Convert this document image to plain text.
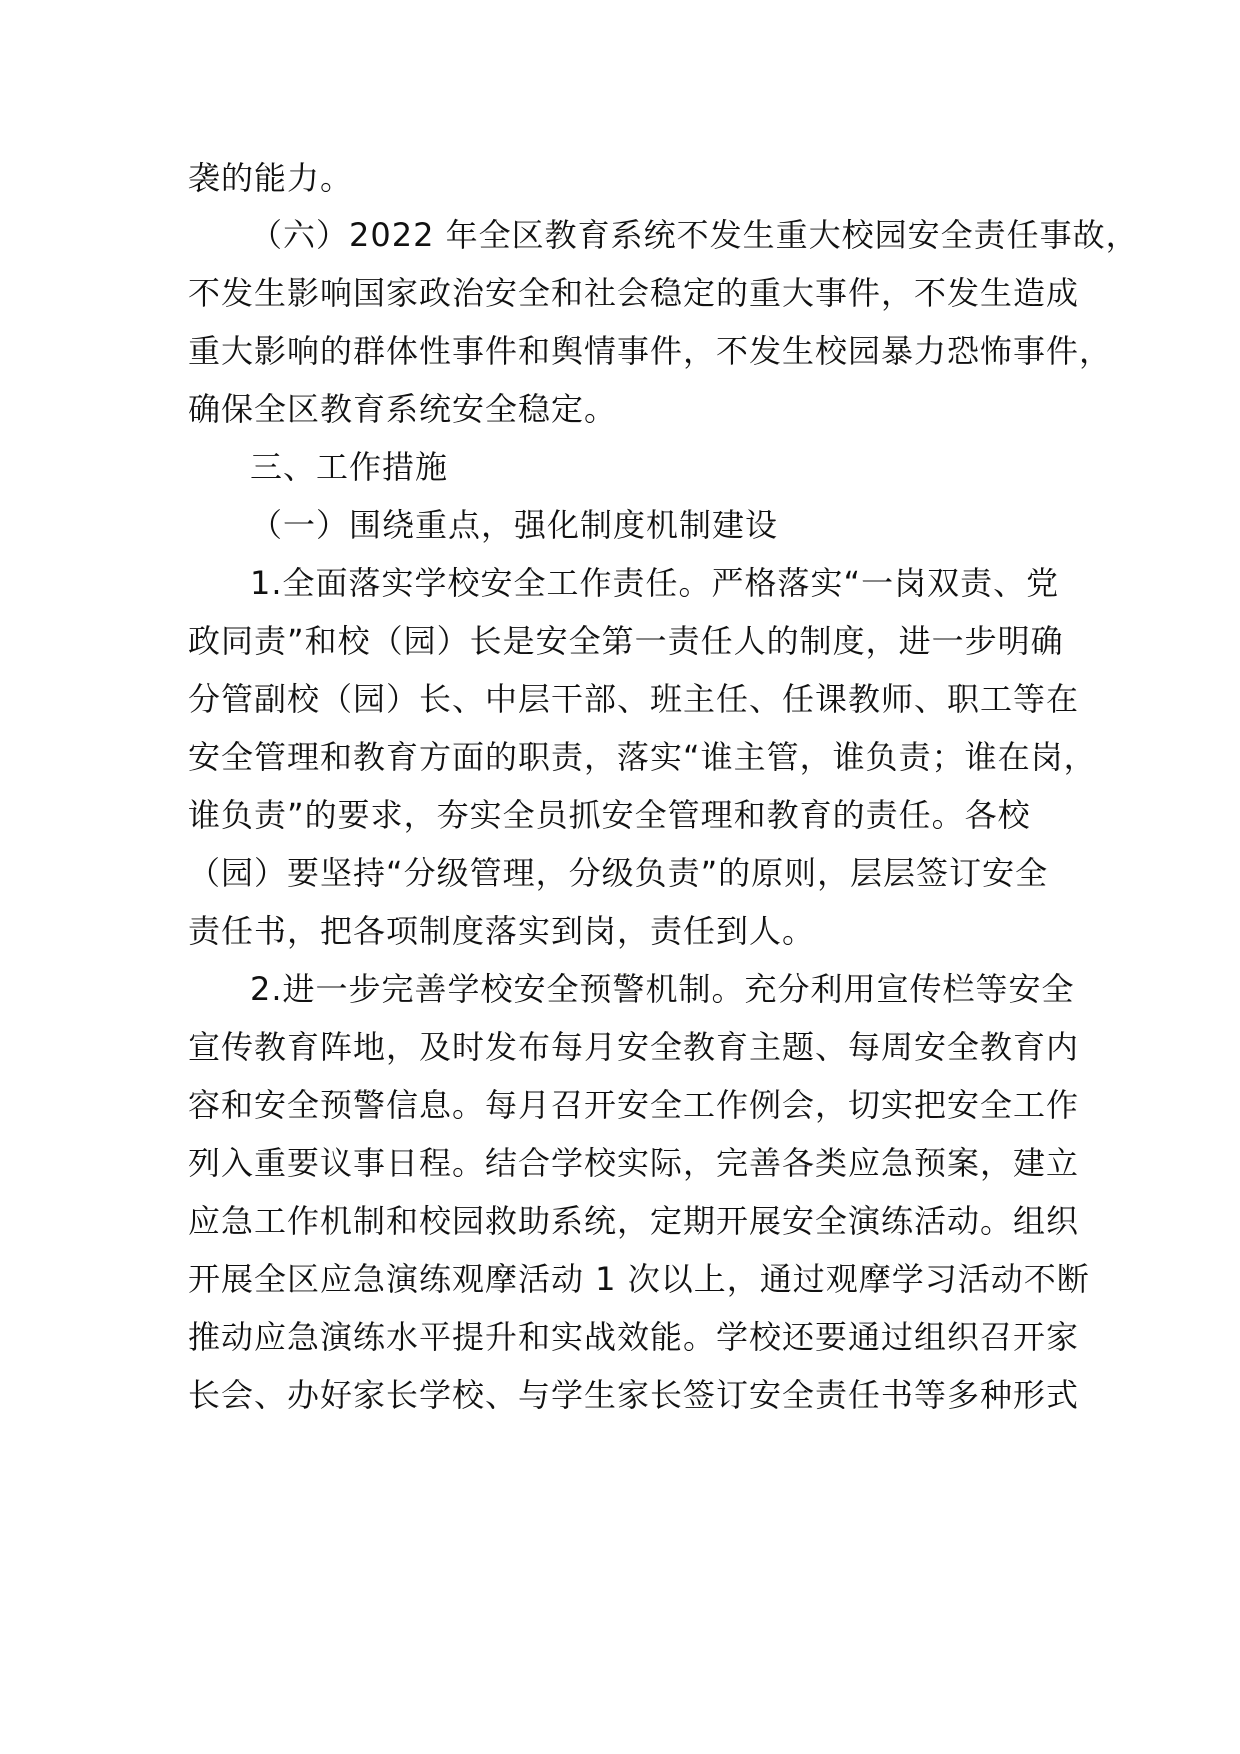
袭的能力。
（六）2022 年全区教育系统不发生重大校园安全责任事故，
不发生影响国家政治安全和社会稳定的重大事件，不发生造成
重大影响的群体性事件和舆情事件，不发生校园暴力恐怖事件，
确保全区教育系统安全稳定。
三、工作措施
（一）围绕重点，强化制度机制建设
1.全面落实学校安全工作责任。严格落实“一岗双责、党
政同责”和校（园）长是安全第一责任人的制度，进一步明确
分管副校（园）长、中层干部、班主任、任课教师、职工等在
安全管理和教育方面的职责，落实“谁主管，谁负责；谁在岗，
谁负责”的要求，夯实全员抓安全管理和教育的责任。各校
（园）要坚持“分级管理，分级负责”的原则，层层签订安全
责任书，把各项制度落实到岗，责任到人。
2.进一步完善学校安全预警机制。充分利用宣传栏等安全
宣传教育阵地，及时发布每月安全教育主题、每周安全教育内
容和安全预警信息。每月召开安全工作例会，切实把安全工作
列入重要议事日程。结合学校实际，完善各类应急预案，建立
应急工作机制和校园救助系统，定期开展安全演练活动。组织
开展全区应急演练观摩活动 1 次以上，通过观摩学习活动不断
推动应急演练水平提升和实战效能。学校还要通过组织召开家
长会、办好家长学校、与学生家长签订安全责任书等多种形式
